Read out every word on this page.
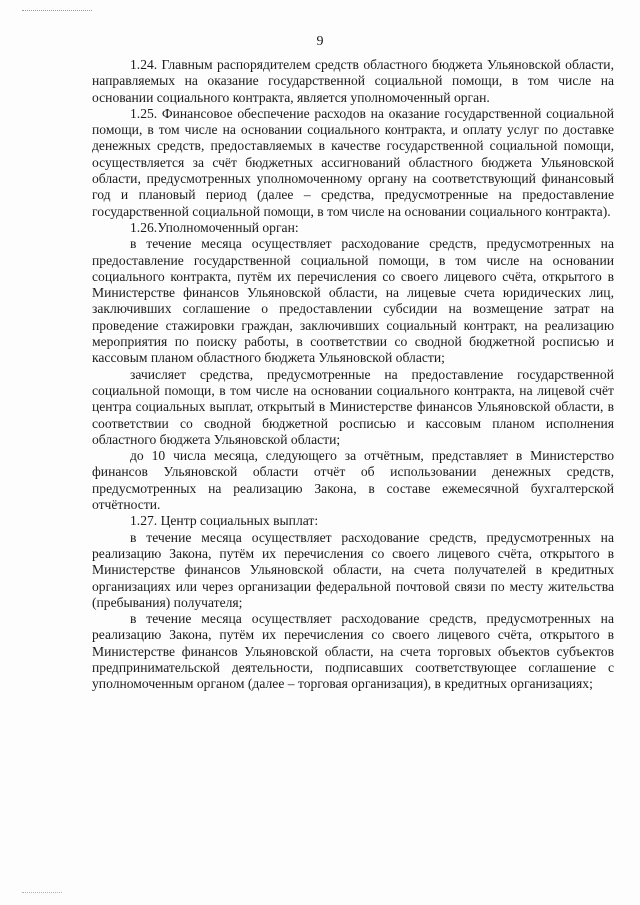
9

1.24. Главным распорядителем средств областного бюджета Ульяновской области, направляемых на оказание государственной социальной помощи, в том числе на основании социального контракта, является уполномоченный орган.

1.25. Финансовое обеспечение расходов на оказание государственной социальной помощи, в том числе на основании социального контракта, и оплату услуг по доставке денежных средств, предоставляемых в качестве государственной социальной помощи, осуществляется за счёт бюджетных ассигнований областного бюджета Ульяновской области, предусмотренных уполномоченному органу на соответствующий финансовый год и плановый период (далее – средства, предусмотренные на предоставление государственной социальной помощи, в том числе на основании социального контракта).

1.26.Уполномоченный орган:

в течение месяца осуществляет расходование средств, предусмотренных на предоставление государственной социальной помощи, в том числе на основании социального контракта, путём их перечисления со своего лицевого счёта, открытого в Министерстве финансов Ульяновской области, на лицевые счета юридических лиц, заключивших соглашение о предоставлении субсидии на возмещение затрат на проведение стажировки граждан, заключивших социальный контракт, на реализацию мероприятия по поиску работы, в соответствии со сводной бюджетной росписью и кассовым планом областного бюджета Ульяновской области;

зачисляет средства, предусмотренные на предоставление государственной социальной помощи, в том числе на основании социального контракта, на лицевой счёт центра социальных выплат, открытый в Министерстве финансов Ульяновской области, в соответствии со сводной бюджетной росписью и кассовым планом исполнения областного бюджета Ульяновской области;

до 10 числа месяца, следующего за отчётным, представляет в Министерство финансов Ульяновской области отчёт об использовании денежных средств, предусмотренных на реализацию Закона, в составе ежемесячной бухгалтерской отчётности.

1.27. Центр социальных выплат:

в течение месяца осуществляет расходование средств, предусмотренных на реализацию Закона, путём их перечисления со своего лицевого счёта, открытого в Министерстве финансов Ульяновской области, на счета получателей в кредитных организациях или через организации федеральной почтовой связи по месту жительства (пребывания) получателя;

в течение месяца осуществляет расходование средств, предусмотренных на реализацию Закона, путём их перечисления со своего лицевого счёта, открытого в Министерстве финансов Ульяновской области, на счета торговых объектов субъектов предпринимательской деятельности, подписавших соответствующее соглашение с уполномоченным органом (далее – торговая организация), в кредитных организациях;
